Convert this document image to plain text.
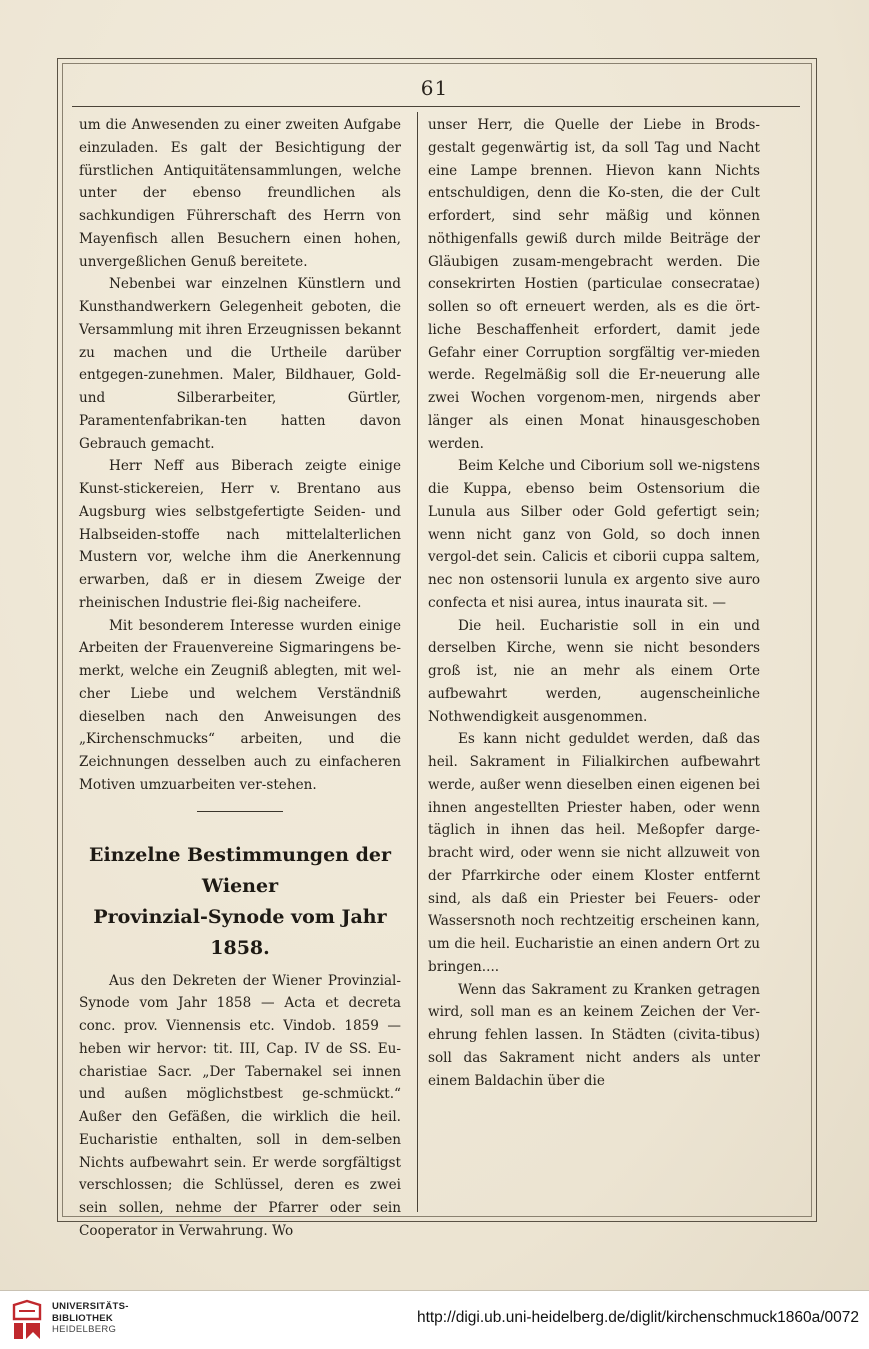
61

um die Anwesenden zu einer zweiten Aufgabe einzuladen. Es galt der Besichtigung der fürstlichen Antiquitätensammlungen, welche unter der ebenso freundlichen als sachkundigen Führerschaft des Herrn von Mayenfisch allen Besuchern einen hohen, unvergeßlichen Genuß bereitete.

Nebenbei war einzelnen Künstlern und Kunsthandwerkern Gelegenheit geboten, die Versammlung mit ihren Erzeugnissen bekannt zu machen und die Urtheile darüber entgegen-zunehmen. Maler, Bildhauer, Gold- und Silberarbeiter, Gürtler, Paramentenfabrikan-ten hatten davon Gebrauch gemacht.

Herr Neff aus Biberach zeigte einige Kunst-stickereien, Herr v. Brentano aus Augsburg wies selbstgefertigte Seiden- und Halbseiden-stoffe nach mittelalterlichen Mustern vor, welche ihm die Anerkennung erwarben, daß er in diesem Zweige der rheinischen Industrie flei-ßig nacheifere.

Mit besonderem Interesse wurden einige Arbeiten der Frauenvereine Sigmaringens be-merkt, welche ein Zeugniß ablegten, mit wel-cher Liebe und welchem Verständniß dieselben nach den Anweisungen des „Kirchenschmucks“ arbeiten, und die Zeichnungen desselben auch zu einfacheren Motiven umzuarbeiten ver-stehen.

Einzelne Bestimmungen der Wiener
Provinzial-Synode vom Jahr 1858.

Aus den Dekreten der Wiener Provinzial-Synode vom Jahr 1858 — Acta et decreta conc. prov. Viennensis etc. Vindob. 1859 — heben wir hervor: tit. III, Cap. IV de SS. Eu-charistiae Sacr. „Der Tabernakel sei innen und außen möglichstbest ge-schmückt.“ Außer den Gefäßen, die wirklich die heil. Eucharistie enthalten, soll in dem-selben Nichts aufbewahrt sein. Er werde sorgfältigst verschlossen; die Schlüssel, deren es zwei sein sollen, nehme der Pfarrer oder sein Cooperator in Verwahrung. Wo

unser Herr, die Quelle der Liebe in Brods-gestalt gegenwärtig ist, da soll Tag und Nacht eine Lampe brennen. Hievon kann Nichts entschuldigen, denn die Ko-sten, die der Cult erfordert, sind sehr mäßig und können nöthigenfalls gewiß durch milde Beiträge der Gläubigen zusam-mengebracht werden. Die consekrirten Hostien (particulae consecratae) sollen so oft erneuert werden, als es die ört-liche Beschaffenheit erfordert, damit jede Gefahr einer Corruption sorgfältig ver-mieden werde. Regelmäßig soll die Er-neuerung alle zwei Wochen vorgenom-men, nirgends aber länger als einen Monat hinausgeschoben werden.

Beim Kelche und Ciborium soll we-nigstens die Kuppa, ebenso beim Ostensorium die Lunula aus Silber oder Gold gefertigt sein; wenn nicht ganz von Gold, so doch innen vergol-det sein. Calicis et ciborii cuppa saltem, nec non ostensorii lunula ex argento sive auro confecta et nisi aurea, intus inaurata sit. —

Die heil. Eucharistie soll in ein und derselben Kirche, wenn sie nicht besonders groß ist, nie an mehr als einem Orte aufbewahrt werden, augenscheinliche Nothwendigkeit ausgenommen.

Es kann nicht geduldet werden, daß das heil. Sakrament in Filialkirchen aufbewahrt werde, außer wenn dieselben einen eigenen bei ihnen angestellten Priester haben, oder wenn täglich in ihnen das heil. Meßopfer darge-bracht wird, oder wenn sie nicht allzuweit von der Pfarrkirche oder einem Kloster entfernt sind, als daß ein Priester bei Feuers- oder Wassersnoth noch rechtzeitig erscheinen kann, um die heil. Eucharistie an einen andern Ort zu bringen....

Wenn das Sakrament zu Kranken getragen wird, soll man es an keinem Zeichen der Ver-ehrung fehlen lassen. In Städten (civita-tibus) soll das Sakrament nicht anders als unter einem Baldachin über die

UNIVERSITÄTS-
BIBLIOTHEK
HEIDELBERG
http://digi.ub.uni-heidelberg.de/diglit/kirchenschmuck1860a/0072
